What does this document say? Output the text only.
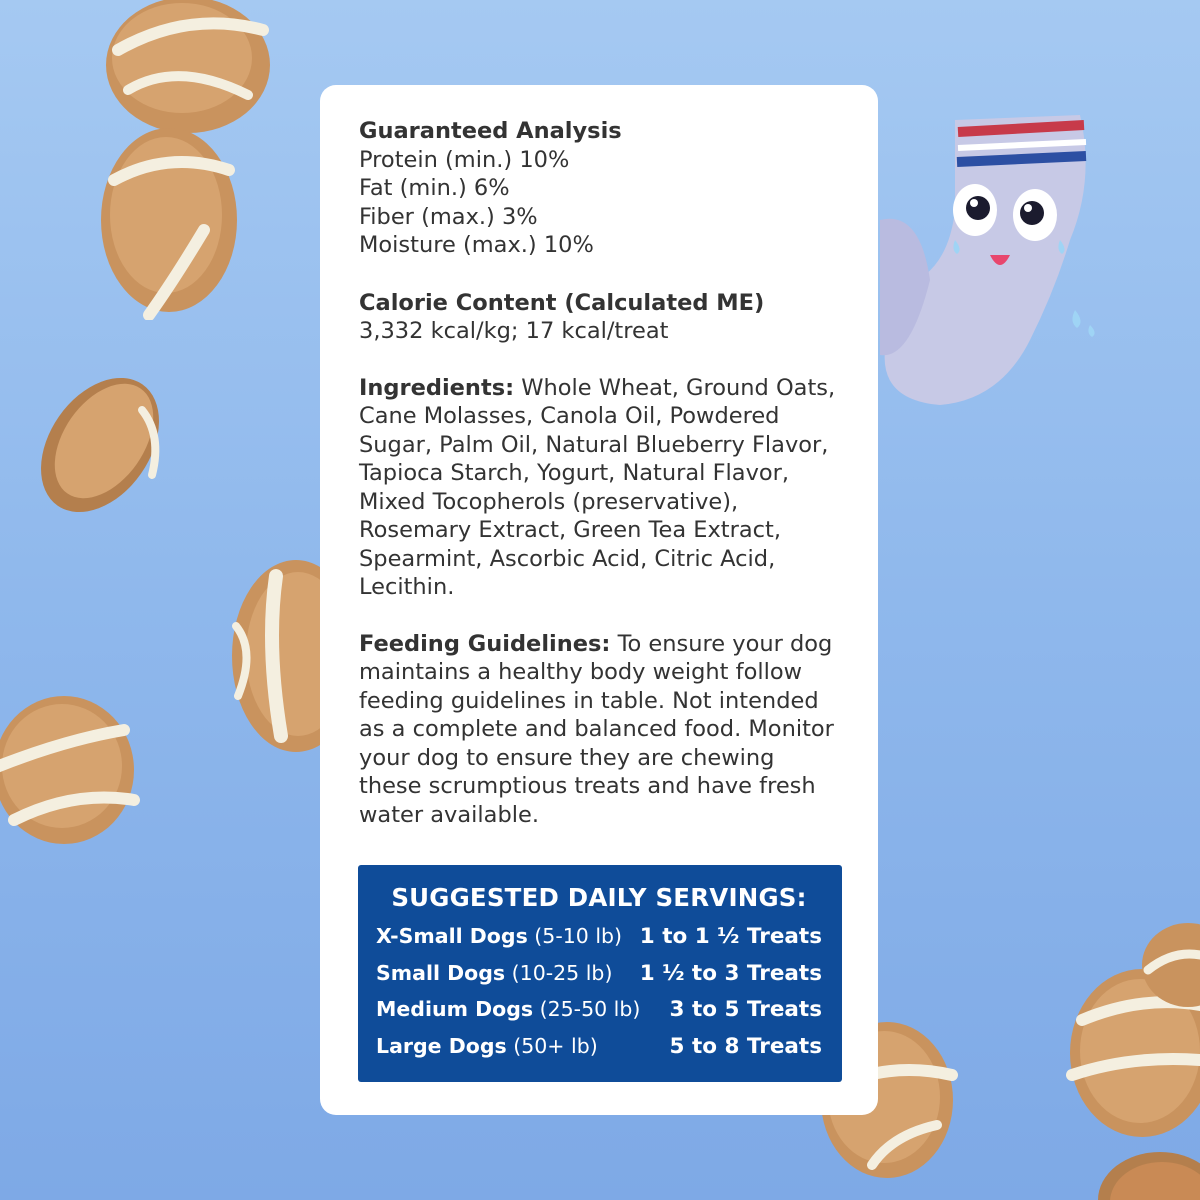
Guaranteed Analysis

Protein (min.) 10%

Fat (min.) 6%

Fiber (max.) 3%

Moisture (max.) 10%

Calorie Content (Calculated ME)

3,332 kcal/kg; 17 kcal/treat

Ingredients: Whole Wheat, Ground Oats, Cane Molasses, Canola Oil, Powdered Sugar, Palm Oil, Natural Blueberry Flavor, Tapioca Starch, Yogurt, Natural Flavor, Mixed Tocopherols (preservative), Rosemary Extract, Green Tea Extract, Spearmint, Ascorbic Acid, Citric Acid, Lecithin.

Feeding Guidelines: To ensure your dog maintains a healthy body weight follow feeding guidelines in table. Not intended as a complete and balanced food. Monitor your dog to ensure they are chewing these scrumptious treats and have fresh water available.

SUGGESTED DAILY SERVINGS:
X-Small Dogs (5-10 lb) 1 to 1 ½ Treats
Small Dogs (10-25 lb) 1 ½ to 3 Treats
Medium Dogs (25-50 lb) 3 to 5 Treats
Large Dogs (50+ lb)	5 to 8 Treats
